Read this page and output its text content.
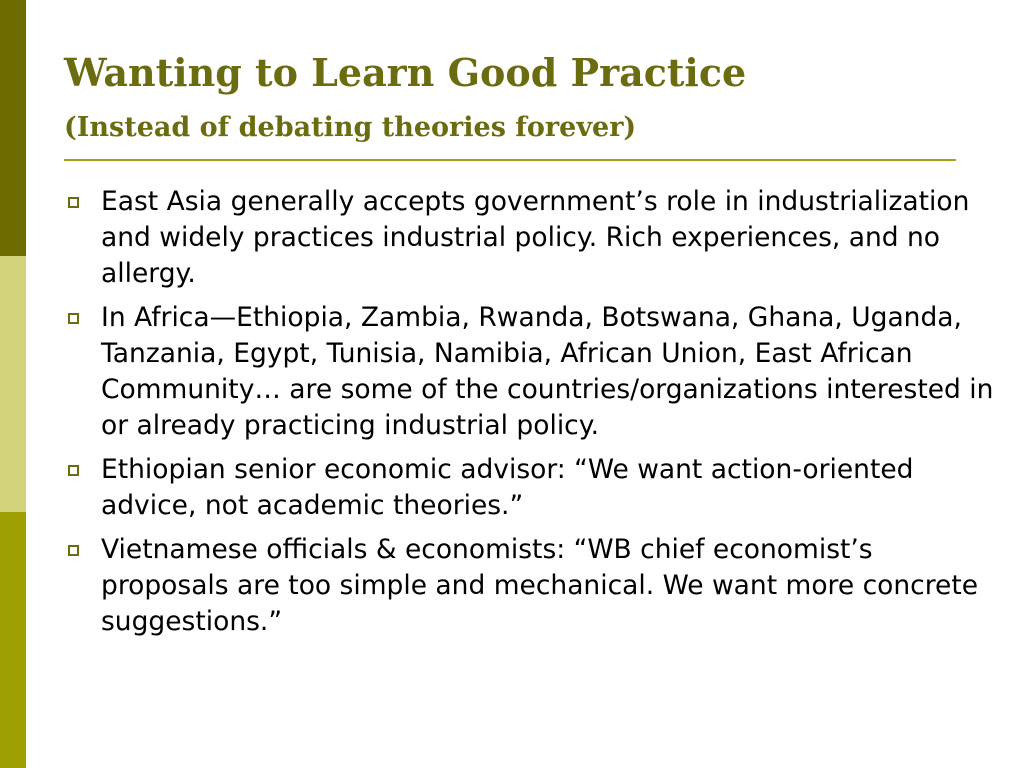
Wanting to Learn Good Practice
(Instead of debating theories forever)
East Asia generally accepts government’s role in industrialization and widely practices industrial policy. Rich experiences, and no allergy.
In Africa—Ethiopia, Zambia, Rwanda, Botswana, Ghana, Uganda, Tanzania, Egypt, Tunisia, Namibia, African Union, East African Community… are some of the countries/organizations interested in or already practicing industrial policy.
Ethiopian senior economic advisor: “We want action-oriented advice, not academic theories.”
Vietnamese officials & economists: “WB chief economist’s proposals are too simple and mechanical. We want more concrete suggestions.”
